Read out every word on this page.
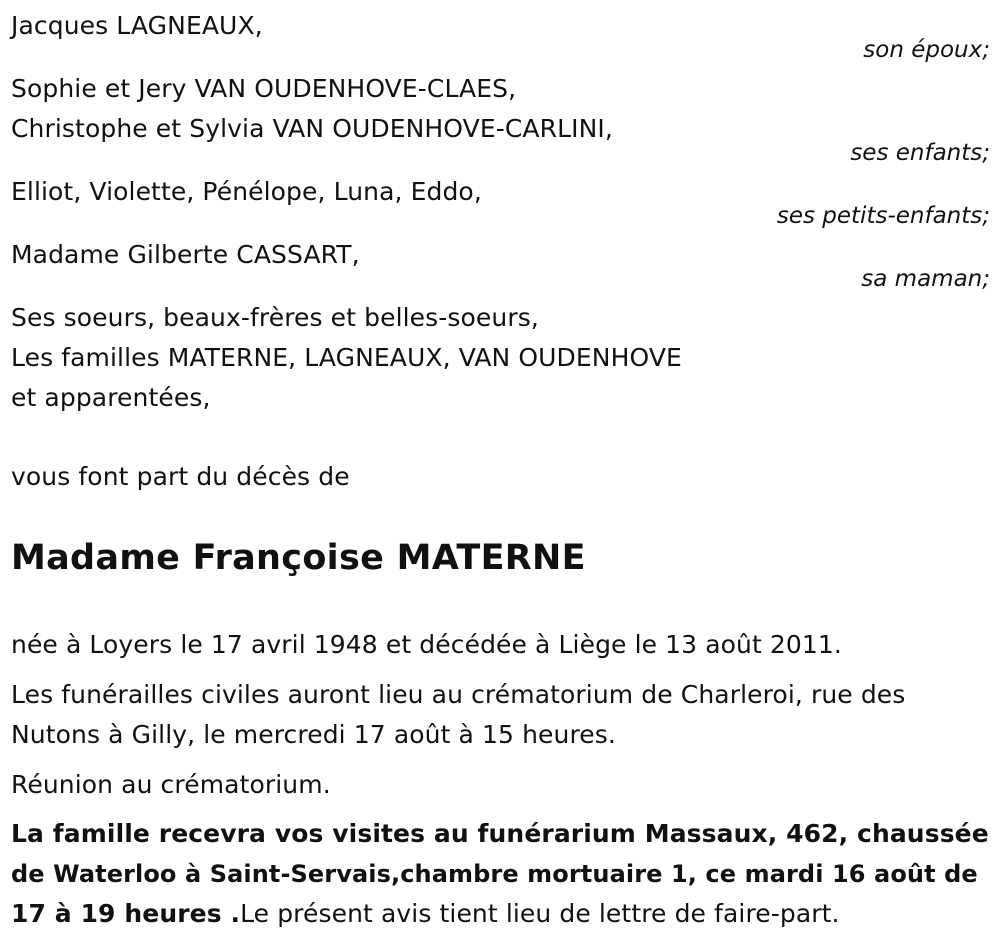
Jacques LAGNEAUX,
son époux;
Sophie et Jery VAN OUDENHOVE-CLAES,
Christophe et Sylvia VAN OUDENHOVE-CARLINI,
ses enfants;
Elliot, Violette, Pénélope, Luna, Eddo,
ses petits-enfants;
Madame Gilberte CASSART,
sa maman;
Ses soeurs, beaux-frères et belles-soeurs,
Les familles MATERNE, LAGNEAUX, VAN OUDENHOVE
et apparentées,
vous font part du décès de
Madame Françoise MATERNE
née à Loyers le 17 avril 1948 et décédée à Liège le 13 août 2011.
Les funérailles civiles auront lieu au crématorium de Charleroi, rue des
Nutons à Gilly, le mercredi 17 août à 15 heures.
Réunion au crématorium.
La famille recevra vos visites au funérarium Massaux, 462, chaussée
de Waterloo à Saint-Servais,chambre mortuaire 1, ce mardi 16 août de
17 à 19 heures .Le présent avis tient lieu de lettre de faire-part.
